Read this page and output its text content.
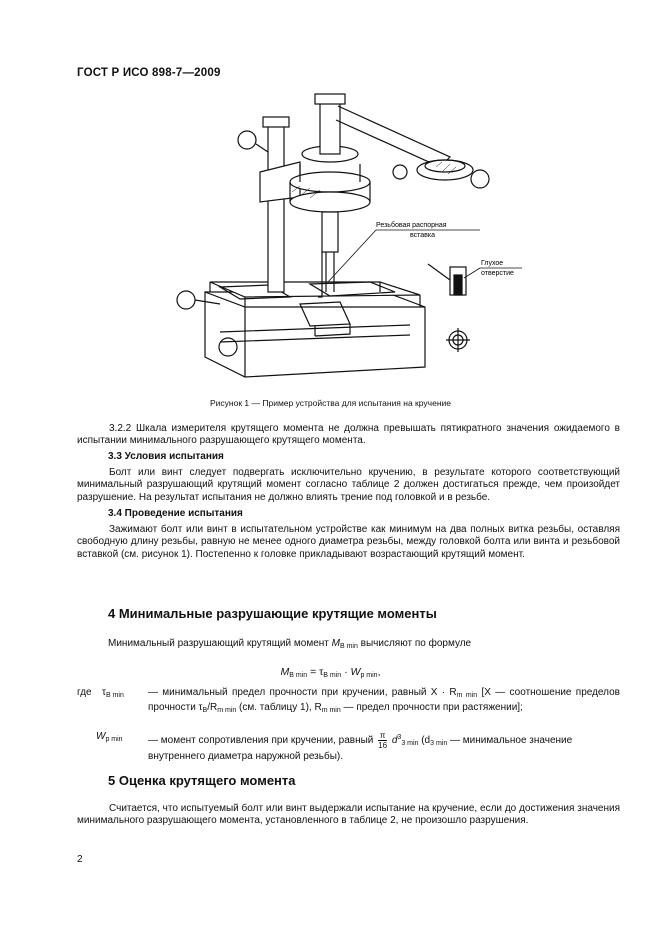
ГОСТ Р ИСО 898-7—2009
Резьбовая распорная
вставка
Глухое
отверстие
Рисунок 1 — Пример устройства для испытания на кручение
3.2.2 Шкала измерителя крутящего момента не должна превышать пятикратного значения ожидаемого в испытании минимального разрушающего крутящего момента.
3.3 Условия испытания
Болт или винт следует подвергать исключительно кручению, в результате которого соответствующий минимальный разрушающий крутящий момент согласно таблице 2 должен достигаться прежде, чем произойдет разрушение. На результат испытания не должно влиять трение под головкой и в резьбе.
3.4 Проведение испытания
Зажимают болт или винт в испытательном устройстве как минимум на два полных витка резьбы, оставляя свободную длину резьбы, равную не менее одного диаметра резьбы, между головкой болта или винта и резьбовой вставкой (см. рисунок 1). Постепенно к головке прикладывают возрастающий крутящий момент.
4 Минимальные разрушающие крутящие моменты
Минимальный разрушающий крутящий момент $M_{B min}$ вычисляют по формуле
MB min = τB min · Wp min,
где $\tau_{B min}$ — минимальный предел прочности при кручении, равный $X \cdot R_{m min}$ [X — соотношение пределов прочности $\tau_B/R_{m min}$ (см. таблицу 1), $R_{m min}$ — предел прочности при растяжении];
$W_{p min}$	— момент сопротивления при кручении, равный $\frac{\pi}{16} d^3_{3 min}$ ($d_{3 min}$ — минимальное значение внутреннего диаметра наружной резьбы).
5 Оценка крутящего момента
Считается, что испытуемый болт или винт выдержали испытание на кручение, если до достижения значения минимального разрушающего момента, установленного в таблице 2, не произошло разрушения.
2
